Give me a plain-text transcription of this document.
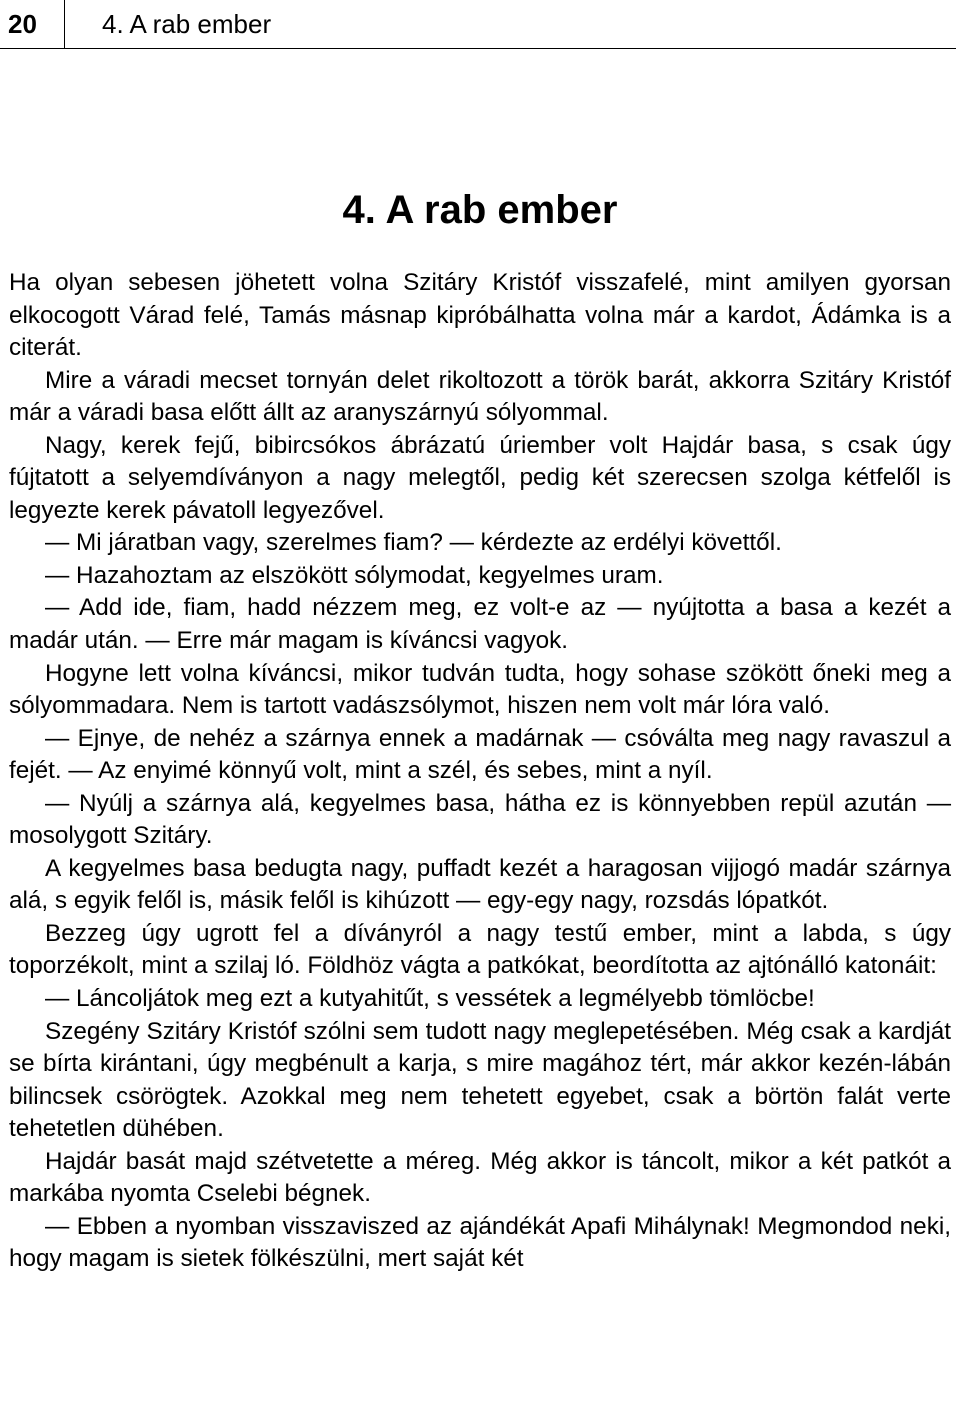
20	4. A rab ember
4. A rab ember

Ha olyan sebesen jöhetett volna Szitáry Kristóf visszafelé, mint amilyen gyorsan elkocogott Várad felé, Tamás másnap kipróbálhatta volna már a kardot, Ádámka is a citerát.

Mire a váradi mecset tornyán delet rikoltozott a török barát, akkorra Szitáry Kristóf már a váradi basa előtt állt az aranyszárnyú sólyommal.

Nagy, kerek fejű, bibircsókos ábrázatú úriember volt Hajdár basa, s csak úgy fújtatott a selyemdíványon a nagy melegtől, pedig két szerecsen szolga kétfelől is legyezte kerek pávatoll legyezővel.

— Mi járatban vagy, szerelmes fiam? — kérdezte az erdélyi követtől.

— Hazahoztam az elszökött sólymodat, kegyelmes uram.

— Add ide, fiam, hadd nézzem meg, ez volt-e az — nyújtotta a basa a kezét a madár után. — Erre már magam is kíváncsi vagyok.

Hogyne lett volna kíváncsi, mikor tudván tudta, hogy sohase szökött őneki meg a sólyommadara. Nem is tartott vadászsólymot, hiszen nem volt már lóra való.

— Ejnye, de nehéz a szárnya ennek a madárnak — csóválta meg nagy ravaszul a fejét. — Az enyimé könnyű volt, mint a szél, és sebes, mint a nyíl.

— Nyúlj a szárnya alá, kegyelmes basa, hátha ez is könnyebben repül azután — mosolygott Szitáry.

A kegyelmes basa bedugta nagy, puffadt kezét a haragosan vijjogó madár szárnya alá, s egyik felől is, másik felől is kihúzott — egy-egy nagy, rozsdás lópatkót.

Bezzeg úgy ugrott fel a díványról a nagy testű ember, mint a labda, s úgy toporzékolt, mint a szilaj ló. Földhöz vágta a patkókat, beordította az ajtónálló katonáit:

— Láncoljátok meg ezt a kutyahitűt, s vessétek a legmélyebb tömlöcbe!

Szegény Szitáry Kristóf szólni sem tudott nagy meglepetésében. Még csak a kardját se bírta kirántani, úgy megbénult a karja, s mire magához tért, már akkor kezén-lábán bilincsek csörögtek. Azokkal meg nem tehetett egyebet, csak a börtön falát verte tehetetlen dühében.

Hajdár basát majd szétvetette a méreg. Még akkor is táncolt, mikor a két patkót a markába nyomta Cselebi bégnek.

— Ebben a nyomban visszaviszed az ajándékát Apafi Mihálynak! Megmondod neki, hogy magam is sietek fölkészülni, mert saját két
